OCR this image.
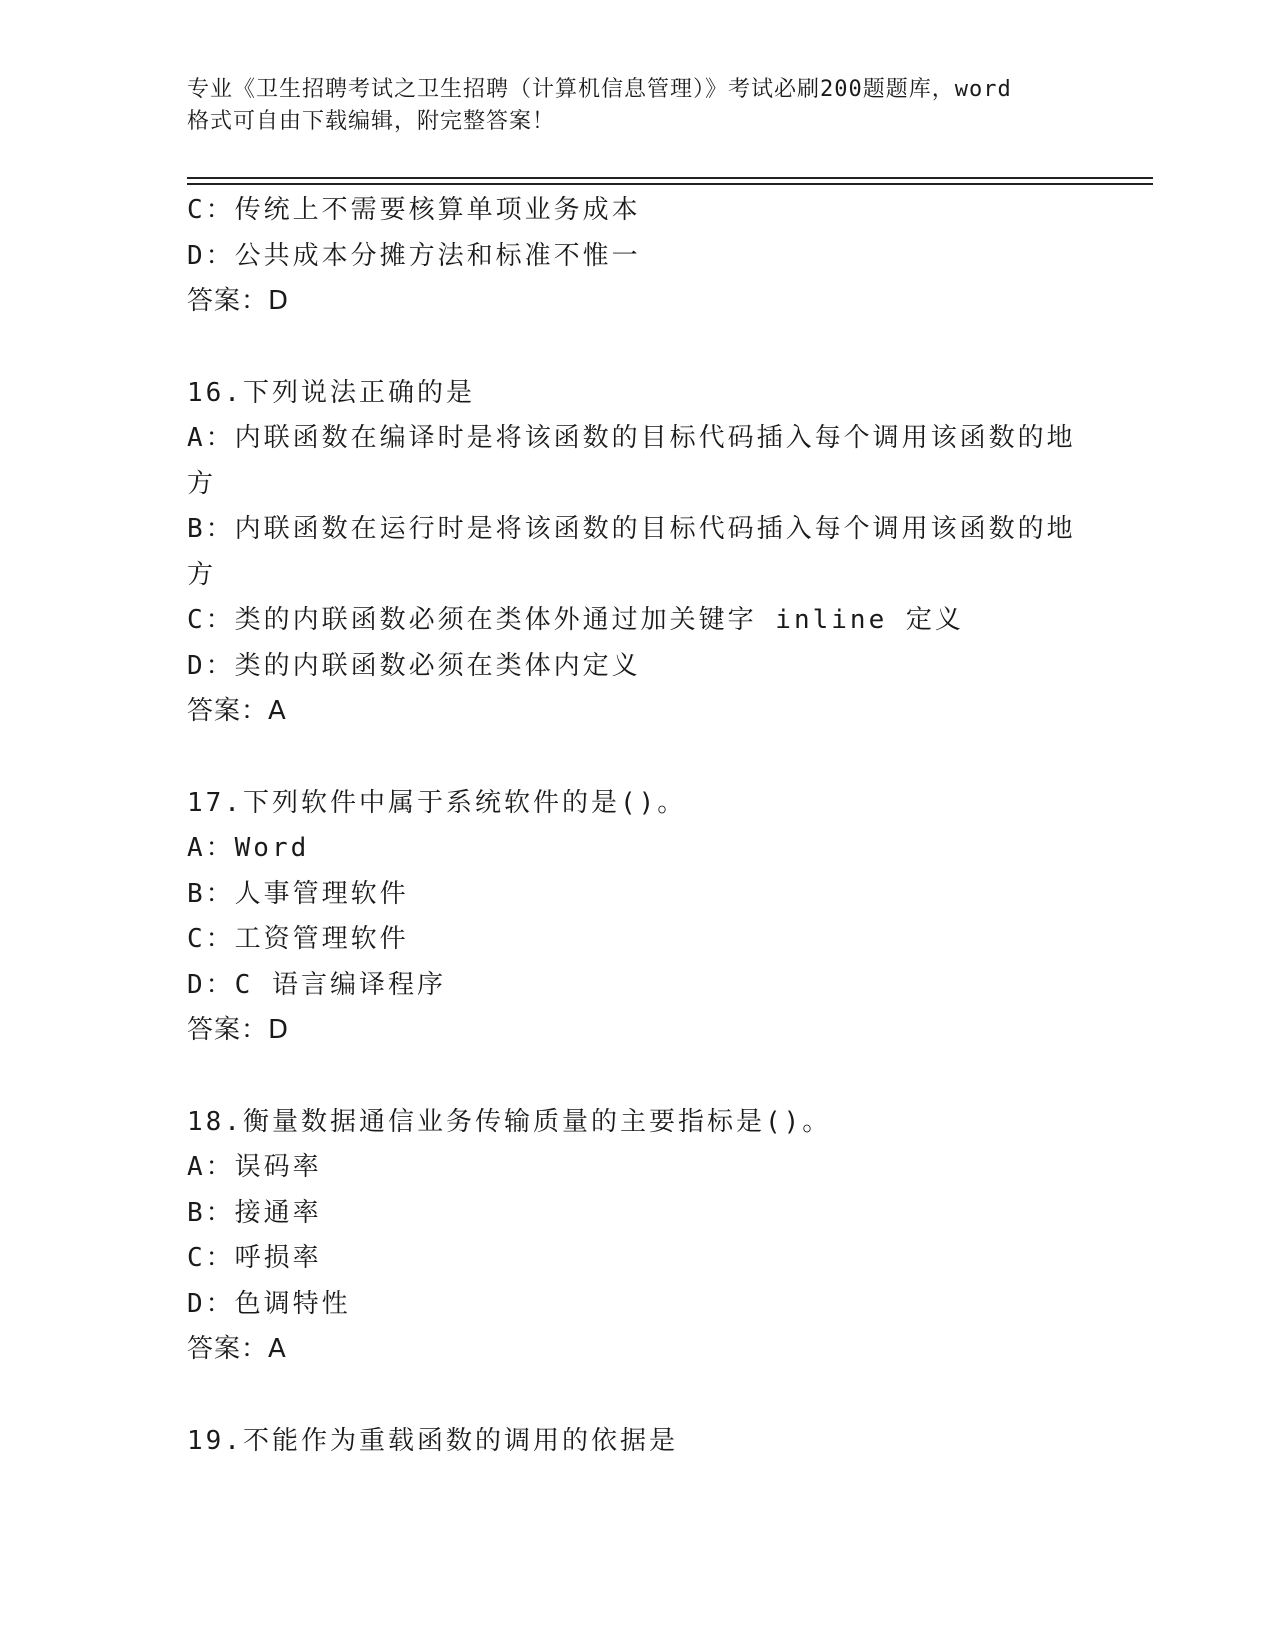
专业《卫生招聘考试之卫生招聘（计算机信息管理）》考试必刷200题题库，word
格式可自由下载编辑，附完整答案！
C：传统上不需要核算单项业务成本
D：公共成本分摊方法和标准不惟一
答案：D
16.下列说法正确的是
A：内联函数在编译时是将该函数的目标代码插入每个调用该函数的地
方
B：内联函数在运行时是将该函数的目标代码插入每个调用该函数的地
方
C：类的内联函数必须在类体外通过加关键字 inline 定义
D：类的内联函数必须在类体内定义
答案：A
17.下列软件中属于系统软件的是()。
A：Word
B：人事管理软件
C：工资管理软件
D：C 语言编译程序
答案：D
18.衡量数据通信业务传输质量的主要指标是()。
A：误码率
B：接通率
C：呼损率
D：色调特性
答案：A
19.不能作为重载函数的调用的依据是
